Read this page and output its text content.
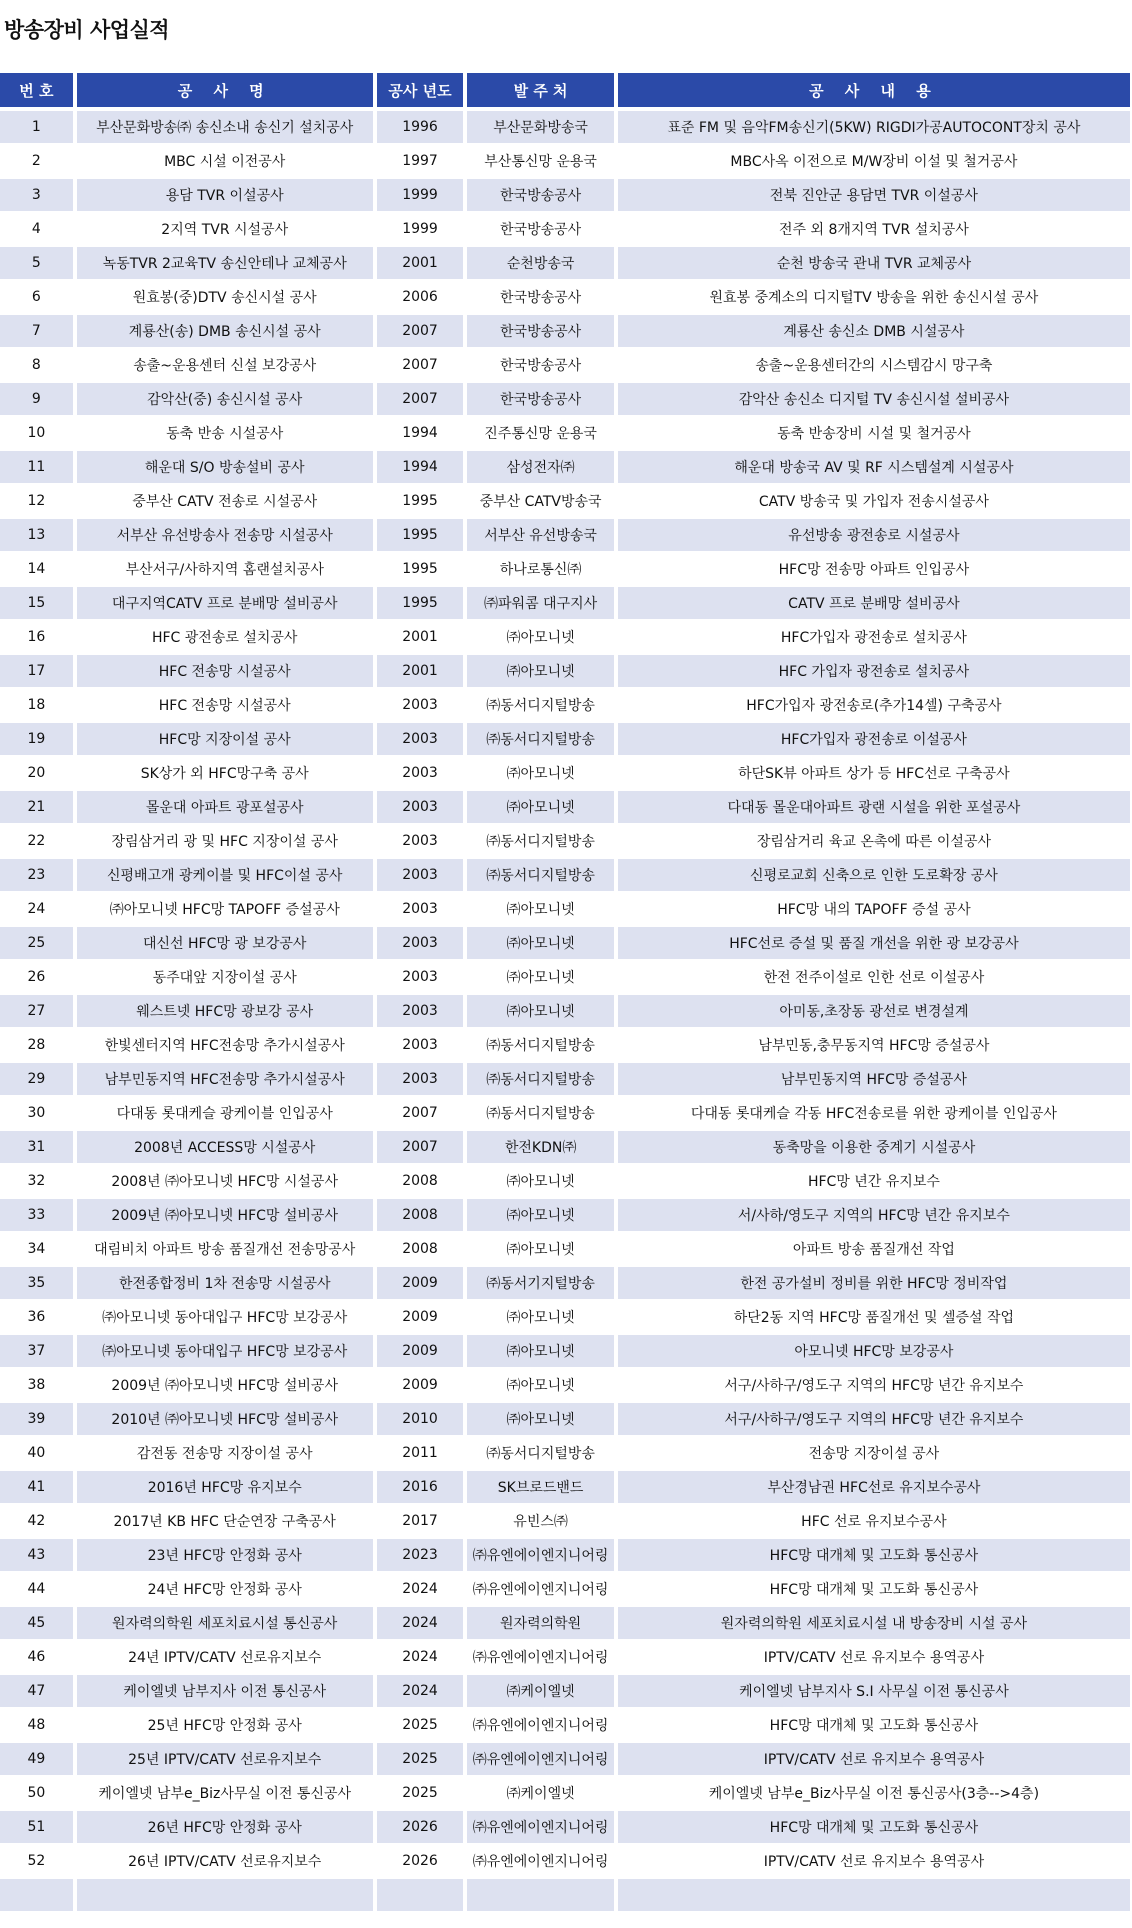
방송장비 사업실적
번 호	공 사 명	공사 년도	발 주 처	공 사 내 용
1	부산문화방송㈜ 송신소내 송신기 설치공사	1996	부산문화방송국	표준 FM 및 음악FM송신기(5KW) RIGDI가공AUTOCONT장치 공사
2	MBC 시설 이전공사	1997	부산통신망 운용국	MBC사옥 이전으로 M/W장비 이설 및 철거공사
3	용담 TVR 이설공사	1999	한국방송공사	전북 진안군 용담면 TVR 이설공사
4	2지역 TVR 시설공사	1999	한국방송공사	전주 외 8개지역 TVR 설치공사
5	녹동TVR 2교육TV 송신안테나 교체공사	2001	순천방송국	순천 방송국 관내 TVR 교체공사
6	원효봉(중)DTV 송신시설 공사	2006	한국방송공사	원효봉 중계소의 디지털TV 방송을 위한 송신시설 공사
7	계룡산(송) DMB 송신시설 공사	2007	한국방송공사	계룡산 송신소 DMB 시설공사
8	송출~운용센터 신설 보강공사	2007	한국방송공사	송출~운용센터간의 시스템감시 망구축
9	감악산(중) 송신시설 공사	2007	한국방송공사	감악산 송신소 디지털 TV 송신시설 설비공사
10	동축 반송 시설공사	1994	진주통신망 운용국	동축 반송장비 시설 및 철거공사
11	해운대 S/O 방송설비 공사	1994	삼성전자㈜	해운대 방송국 AV 및 RF 시스템설계 시설공사
12	중부산 CATV 전송로 시설공사	1995	중부산 CATV방송국	CATV 방송국 및 가입자 전송시설공사
13	서부산 유선방송사 전송망 시설공사	1995	서부산 유선방송국	유선방송 광전송로 시설공사
14	부산서구/사하지역 홈랜설치공사	1995	하나로통신㈜	HFC망 전송망 아파트 인입공사
15	대구지역CATV 프로 분배망 설비공사	1995	㈜파워콤 대구지사	CATV 프로 분배망 설비공사
16	HFC 광전송로 설치공사	2001	㈜아모니넷	HFC가입자 광전송로 설치공사
17	HFC 전송망 시설공사	2001	㈜아모니넷	HFC 가입자 광전송로 설치공사
18	HFC 전송망 시설공사	2003	㈜동서디지털방송	HFC가입자 광전송로(추가14셀) 구축공사
19	HFC망 지장이설 공사	2003	㈜동서디지털방송	HFC가입자 광전송로 이설공사
20	SK상가 외 HFC망구축 공사	2003	㈜아모니넷	하단SK뷰 아파트 상가 등 HFC선로 구축공사
21	몰운대 아파트 광포설공사	2003	㈜아모니넷	다대동 몰운대아파트 광랜 시설을 위한 포설공사
22	장림삼거리 광 및 HFC 지장이설 공사	2003	㈜동서디지털방송	장림삼거리 육교 온촉에 따른 이설공사
23	신평배고개 광케이블 및 HFC이설 공사	2003	㈜동서디지털방송	신평로교회 신축으로 인한 도로확장 공사
24	㈜아모니넷 HFC망 TAPOFF 증설공사	2003	㈜아모니넷	HFC망 내의 TAPOFF 증설 공사
25	대신선 HFC망 광 보강공사	2003	㈜아모니넷	HFC선로 증설 및 품질 개선을 위한 광 보강공사
26	동주대앞 지장이설 공사	2003	㈜아모니넷	한전 전주이설로 인한 선로 이설공사
27	웨스트넷 HFC망 광보강 공사	2003	㈜아모니넷	아미동,초장동 광선로 변경설계
28	한빛센터지역 HFC전송망 추가시설공사	2003	㈜동서디지털방송	남부민동,충무동지역 HFC망 증설공사
29	남부민동지역 HFC전송망 추가시설공사	2003	㈜동서디지털방송	남부민동지역 HFC망 증설공사
30	다대동 롯대케슬 광케이블 인입공사	2007	㈜동서디지털방송	다대동 롯대케슬 각동 HFC전송로를 위한 광케이블 인입공사
31	2008년 ACCESS망 시설공사	2007	한전KDN㈜	동축망을 이용한 중계기 시설공사
32	2008년 ㈜아모니넷 HFC망 시설공사	2008	㈜아모니넷	HFC망 년간 유지보수
33	2009년 ㈜아모니넷 HFC망 설비공사	2008	㈜아모니넷	서/사하/영도구 지역의 HFC망 년간 유지보수
34	대림비치 아파트 방송 품질개선 전송망공사	2008	㈜아모니넷	아파트 방송 품질개선 작업
35	한전종합정비 1차 전송망 시설공사	2009	㈜동서기지털방송	한전 공가설비 정비를 위한 HFC망 정비작업
36	㈜아모니넷 동아대입구 HFC망 보강공사	2009	㈜아모니넷	하단2동 지역 HFC망 품질개선 및 셀증설 작업
37	㈜아모니넷 동아대입구 HFC망 보강공사	2009	㈜아모니넷	아모니넷 HFC망 보강공사
38	2009년 ㈜아모니넷 HFC망 설비공사	2009	㈜아모니넷	서구/사하구/영도구 지역의 HFC망 년간 유지보수
39	2010년 ㈜아모니넷 HFC망 설비공사	2010	㈜아모니넷	서구/사하구/영도구 지역의 HFC망 년간 유지보수
40	감전동 전송망 지장이설 공사	2011	㈜동서디지털방송	전송망 지장이설 공사
41	2016년 HFC망 유지보수	2016	SK브로드밴드	부산경남권 HFC선로 유지보수공사
42	2017년 KB HFC 단순연장 구축공사	2017	유빈스㈜	HFC 선로 유지보수공사
43	23년 HFC망 안정화 공사	2023	㈜유엔에이엔지니어링	HFC망 대개체 및 고도화 통신공사
44	24년 HFC망 안정화 공사	2024	㈜유엔에이엔지니어링	HFC망 대개체 및 고도화 통신공사
45	원자력의학원 세포치료시설 통신공사	2024	원자력의학원	원자력의학원 세포치료시설 내 방송장비 시설 공사
46	24년 IPTV/CATV 선로유지보수	2024	㈜유엔에이엔지니어링	IPTV/CATV 선로 유지보수 용역공사
47	케이엘넷 남부지사 이전 통신공사	2024	㈜케이엘넷	케이엘넷 남부지사 S.I 사무실 이전 통신공사
48	25년 HFC망 안정화 공사	2025	㈜유엔에이엔지니어링	HFC망 대개체 및 고도화 통신공사
49	25년 IPTV/CATV 선로유지보수	2025	㈜유엔에이엔지니어링	IPTV/CATV 선로 유지보수 용역공사
50	케이엘넷 남부e_Biz사무실 이전 통신공사	2025	㈜케이엘넷	케이엘넷 남부e_Biz사무실 이전 통신공사(3층-->4층)
51	26년 HFC망 안정화 공사	2026	㈜유엔에이엔지니어링	HFC망 대개체 및 고도화 통신공사
52	26년 IPTV/CATV 선로유지보수	2026	㈜유엔에이엔지니어링	IPTV/CATV 선로 유지보수 용역공사
